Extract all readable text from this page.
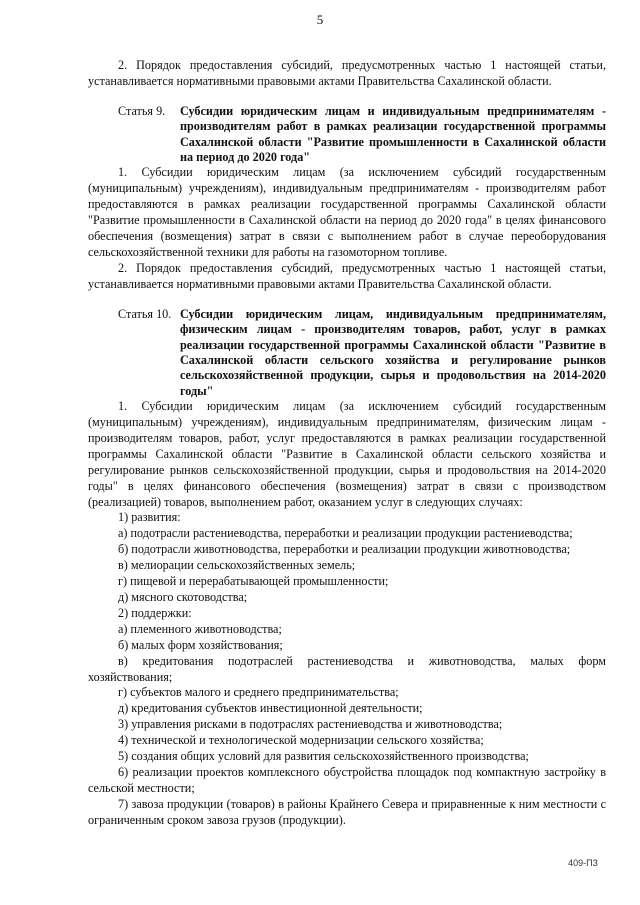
5

2. Порядок предоставления субсидий, предусмотренных частью 1 настоящей статьи, устанавливается нормативными правовыми актами Правительства Сахалинской области.

Статья 9.	Субсидии юридическим лицам и индивидуальным предпринимателям - производителям работ в рамках реализации государственной программы Сахалинской области "Развитие промышленности в Сахалинской области на период до 2020 года"

1. Субсидии юридическим лицам (за исключением субсидий государственным (муниципальным) учреждениям), индивидуальным предпринимателям - производителям работ предоставляются в рамках реализации государственной программы Сахалинской области "Развитие промышленности в Сахалинской области на период до 2020 года" в целях финансового обеспечения (возмещения) затрат в связи с выполнением работ в случае переоборудования сельскохозяйственной техники для работы на газомоторном топливе.

2. Порядок предоставления субсидий, предусмотренных частью 1 настоящей статьи, устанавливается нормативными правовыми актами Правительства Сахалинской области.

Статья 10. Субсидии юридическим лицам, индивидуальным предпринимателям, физическим лицам - производителям товаров, работ, услуг в рамках реализации государственной программы Сахалинской области "Развитие в Сахалинской области сельского хозяйства и регулирование рынков сельскохозяйственной продукции, сырья и продовольствия на 2014-2020 годы"

1. Субсидии юридическим лицам (за исключением субсидий государственным (муниципальным) учреждениям), индивидуальным предпринимателям, физическим лицам - производителям товаров, работ, услуг предоставляются в рамках реализации государственной программы Сахалинской области "Развитие в Сахалинской области сельского хозяйства и регулирование рынков сельскохозяйственной продукции, сырья и продовольствия на 2014-2020 годы" в целях финансового обеспечения (возмещения) затрат в связи с производством (реализацией) товаров, выполнением работ, оказанием услуг в следующих случаях:

1) развития:

а) подотрасли растениеводства, переработки и реализации продукции растениеводства;

б) подотрасли животноводства, переработки и реализации продукции животноводства;

в) мелиорации сельскохозяйственных земель;

г) пищевой и перерабатывающей промышленности;

д) мясного скотоводства;

2) поддержки:

а) племенного животноводства;

б) малых форм хозяйствования;

в) кредитования подотраслей растениеводства и животноводства, малых форм хозяйствования;

г) субъектов малого и среднего предпринимательства;

д) кредитования субъектов инвестиционной деятельности;

3) управления рисками в подотраслях растениеводства и животноводства;

4) технической и технологической модернизации сельского хозяйства;

5) создания общих условий для развития сельскохозяйственного производства;

6) реализации проектов комплексного обустройства площадок под компактную застройку в сельской местности;

7) завоза продукции (товаров) в районы Крайнего Севера и приравненные к ним местности с ограниченным сроком завоза грузов (продукции).

409-ПЗ
